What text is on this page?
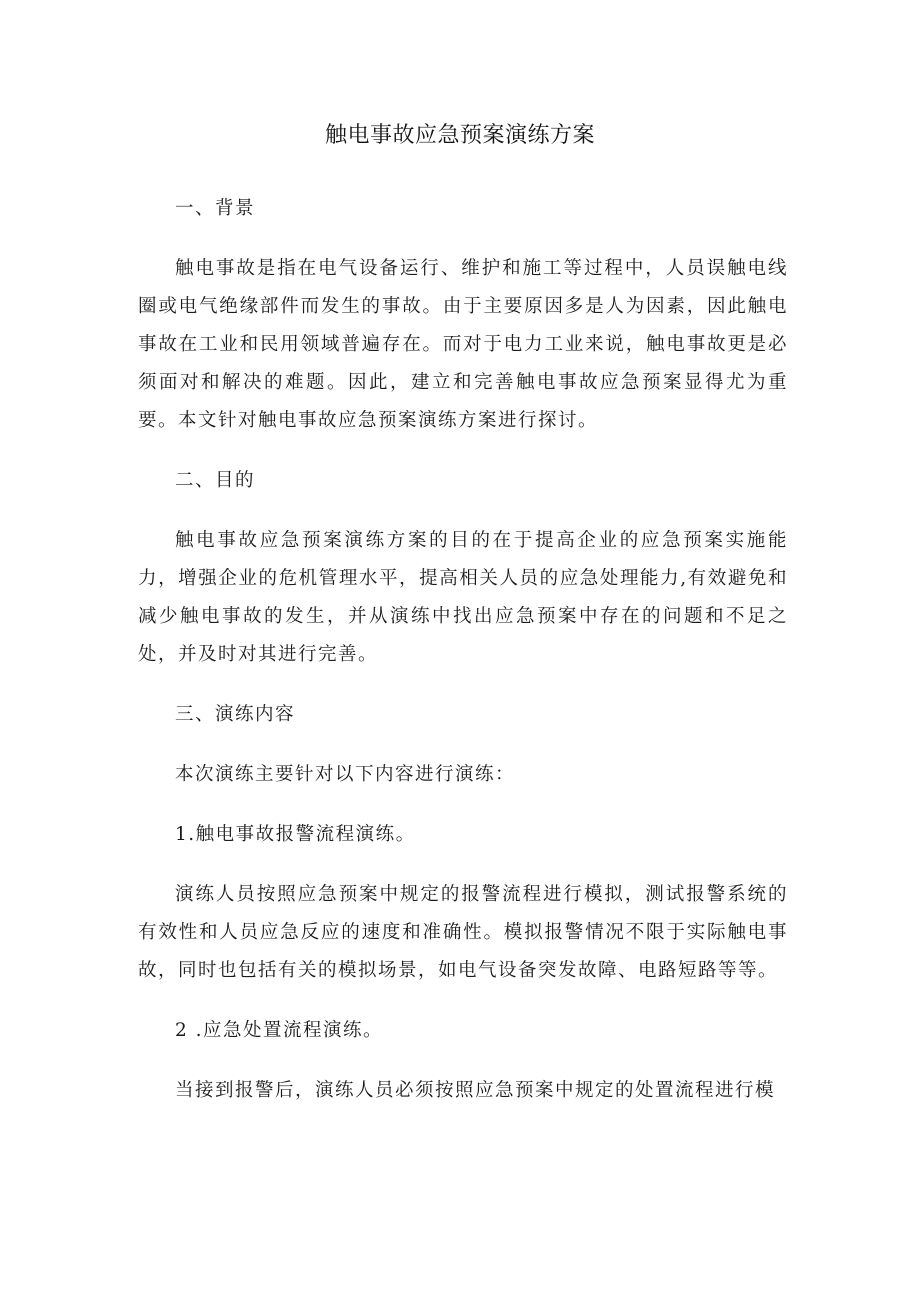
触电事故应急预案演练方案

一、背景

触电事故是指在电气设备运行、维护和施工等过程中，人员误触电线圈或电气绝缘部件而发生的事故。由于主要原因多是人为因素，因此触电事故在工业和民用领域普遍存在。而对于电力工业来说，触电事故更是必须面对和解决的难题。因此，建立和完善触电事故应急预案显得尤为重要。本文针对触电事故应急预案演练方案进行探讨。

二、目的

触电事故应急预案演练方案的目的在于提高企业的应急预案实施能力，增强企业的危机管理水平，提高相关人员的应急处理能力,有效避免和减少触电事故的发生，并从演练中找出应急预案中存在的问题和不足之处，并及时对其进行完善。

三、演练内容

本次演练主要针对以下内容进行演练：

1.触电事故报警流程演练。

演练人员按照应急预案中规定的报警流程进行模拟，测试报警系统的有效性和人员应急反应的速度和准确性。模拟报警情况不限于实际触电事故，同时也包括有关的模拟场景，如电气设备突发故障、电路短路等等。

2 .应急处置流程演练。

当接到报警后，演练人员必须按照应急预案中规定的处置流程进行模
